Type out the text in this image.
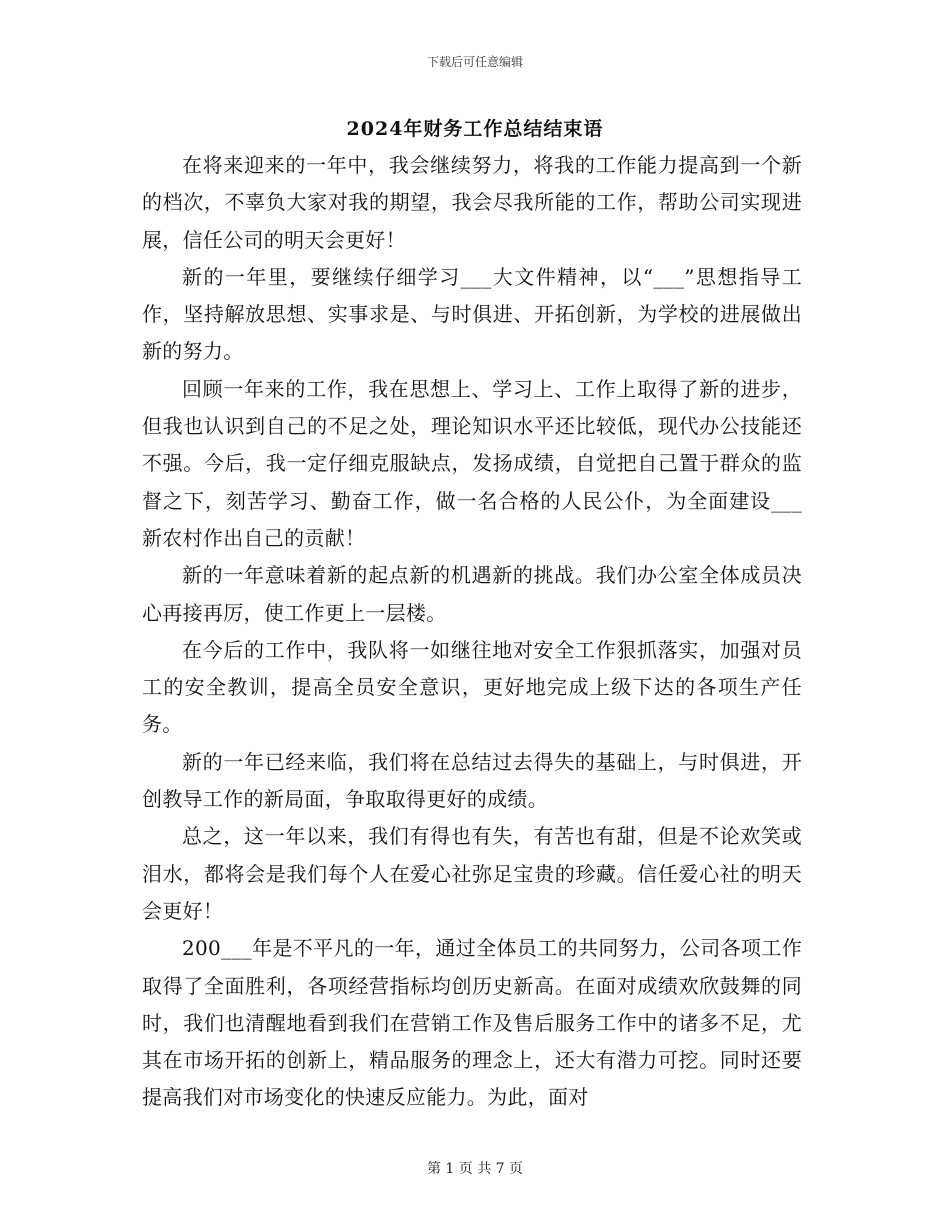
下载后可任意编辑
2024年财务工作总结结束语

在将来迎来的一年中，我会继续努力，将我的工作能力提高到一个新的档次，不辜负大家对我的期望，我会尽我所能的工作，帮助公司实现进展，信任公司的明天会更好！

新的一年里，要继续仔细学习___大文件精神，以“___”思想指导工作，坚持解放思想、实事求是、与时俱进、开拓创新，为学校的进展做出新的努力。

回顾一年来的工作，我在思想上、学习上、工作上取得了新的进步，但我也认识到自己的不足之处，理论知识水平还比较低，现代办公技能还不强。今后，我一定仔细克服缺点，发扬成绩，自觉把自己置于群众的监督之下，刻苦学习、勤奋工作，做一名合格的人民公仆，为全面建设___新农村作出自己的贡献！

新的一年意味着新的起点新的机遇新的挑战。我们办公室全体成员决心再接再厉，使工作更上一层楼。

在今后的工作中，我队将一如继往地对安全工作狠抓落实，加强对员工的安全教训，提高全员安全意识，更好地完成上级下达的各项生产任务。

新的一年已经来临，我们将在总结过去得失的基础上，与时俱进，开创教导工作的新局面，争取取得更好的成绩。

总之，这一年以来，我们有得也有失，有苦也有甜，但是不论欢笑或泪水，都将会是我们每个人在爱心社弥足宝贵的珍藏。信任爱心社的明天会更好！

200___年是不平凡的一年，通过全体员工的共同努力，公司各项工作取得了全面胜利，各项经营指标均创历史新高。在面对成绩欢欣鼓舞的同时，我们也清醒地看到我们在营销工作及售后服务工作中的诸多不足，尤其在市场开拓的创新上，精品服务的理念上，还大有潜力可挖。同时还要提高我们对市场变化的快速反应能力。为此，面对

第 1 页 共 7 页
